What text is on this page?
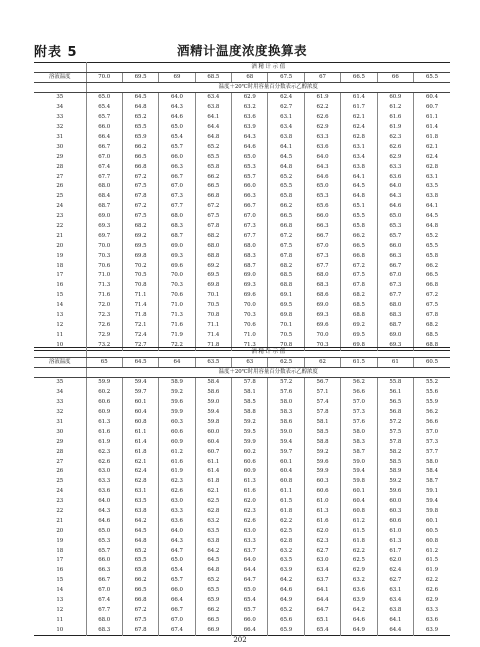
附表 5	酒精计温度浓度换算表
	酒 精 计 示 值									
溶液温度	70.0	69.5	69	68.5	68	67.5	67	66.5	66	65.5
	温度＋20℃时用容量百分数表示乙醇浓度									
35	65.0	64.5	64.0	63.4	62.9	62.4	61.9	61.4	60.9	60.4
34	65.4	64.8	64.3	63.8	63.2	62.7	62.2	61.7	61.2	60.7
33	65.7	65.2	64.6	64.1	63.6	63.1	62.6	62.1	61.6	61.1
32	66.0	65.5	65.0	64.4	63.9	63.4	62.9	62.4	61.9	61.4
31	66.4	65.9	65.4	64.8	64.3	63.8	63.3	62.8	62.3	61.8
30	66.7	66.2	65.7	65.2	64.6	64.1	63.6	63.1	62.6	62.1
29	67.0	66.5	66.0	65.5	65.0	64.5	64.0	63.4	62.9	62.4
28	67.4	66.8	66.3	65.8	65.3	64.8	64.3	63.8	63.3	62.8
27	67.7	67.2	66.7	66.2	65.7	65.2	64.6	64.1	63.6	63.1
26	68.0	67.5	67.0	66.5	66.0	65.5	65.0	64.5	64.0	63.5
25	68.4	67.8	67.3	66.8	66.3	65.8	65.3	64.8	64.3	63.8
24	68.7	67.2	67.7	67.2	66.7	66.2	65.6	65.1	64.6	64.1
23	69.0	67.5	68.0	67.5	67.0	66.5	66.0	65.5	65.0	64.5
22	69.3	68.2	68.3	67.8	67.3	66.8	66.3	65.8	65.3	64.8
21	69.7	69.2	68.7	68.2	67.7	67.2	66.7	66.2	65.7	65.2
20	70.0	69.5	69.0	68.0	68.0	67.5	67.0	66.5	66.0	65.5
19	70.3	69.8	69.3	68.8	68.3	67.8	67.3	66.8	66.3	65.8
18	70.6	70.2	69.6	69.2	68.7	68.2	67.7	67.2	66.7	66.2
17	71.0	70.5	70.0	69.5	69.0	68.5	68.0	67.5	67.0	66.5
16	71.3	70.8	70.3	69.8	69.3	68.8	68.3	67.8	67.3	66.8
15	71.6	71.1	70.6	70.1	69.6	69.1	68.6	68.2	67.7	67.2
14	72.0	71.4	71.0	70.5	70.0	69.5	69.0	68.5	68.0	67.5
13	72.3	71.8	71.3	70.8	70.3	69.8	69.3	68.8	68.3	67.8
12	72.6	72.1	71.6	71.1	70.6	70.1	69.6	69.2	68.7	68.2
11	72.9	72.4	71.9	71.4	71.0	70.5	70.0	69.5	69.0	68.5
10	73.2	72.7	72.2	71.8	71.3	70.8	70.3	69.8	69.3	68.8
	酒 精 计 示 值									
溶液温度	65	64.5	64	63.5	63	62.5	62	61.5	61	60.5
	温度＋20℃时用容量百分数表示乙醇浓度									
35	59.9	59.4	58.9	58.4	57.8	57.2	56.7	56.2	55.8	55.2
34	60.2	59.7	59.2	58.6	58.1	57.6	57.1	56.6	56.1	55.6
33	60.6	60.1	59.6	59.0	58.5	58.0	57.4	57.0	56.5	55.9
32	60.9	60.4	59.9	59.4	58.8	58.3	57.8	57.3	56.8	56.2
31	61.3	60.8	60.3	59.8	59.2	58.6	58.1	57.6	57.2	56.6
30	61.6	61.1	60.6	60.0	59.5	59.0	58.5	58.0	57.5	57.0
29	61.9	61.4	60.9	60.4	59.9	59.4	58.8	58.3	57.8	57.3
28	62.3	61.8	61.2	60.7	60.2	59.7	59.2	58.7	58.2	57.7
27	62.6	62.1	61.6	61.1	60.6	60.1	59.6	59.0	58.5	58.0
26	63.0	62.4	61.9	61.4	60.9	60.4	59.9	59.4	58.9	58.4
25	63.3	62.8	62.3	61.8	61.3	60.8	60.3	59.8	59.2	58.7
24	63.6	63.1	62.6	62.1	61.6	61.1	60.6	60.1	59.6	59.1
23	64.0	63.5	63.0	62.5	62.0	61.5	61.0	60.4	60.0	59.4
22	64.3	63.8	63.3	62.8	62.3	61.8	61.3	60.8	60.3	59.8
21	64.6	64.2	63.6	63.2	62.6	62.2	61.6	61.2	60.6	60.1
20	65.0	64.5	64.0	63.5	63.0	62.5	62.0	61.5	61.0	60.5
19	65.3	64.8	64.3	63.8	63.3	62.8	62.3	61.8	61.3	60.8
18	65.7	65.2	64.7	64.2	63.7	63.2	62.7	62.2	61.7	61.2
17	66.0	65.5	65.0	64.5	64.0	63.5	63.0	62.5	62.0	61.5
16	66.3	65.8	65.4	64.8	64.4	63.9	63.4	62.9	62.4	61.9
15	66.7	66.2	65.7	65.2	64.7	64.2	63.7	63.2	62.7	62.2
14	67.0	66.5	66.0	65.5	65.0	64.6	64.1	63.6	63.1	62.6
13	67.4	66.8	66.4	65.9	65.4	64.9	64.4	63.9	63.4	62.9
12	67.7	67.2	66.7	66.2	65.7	65.2	64.7	64.2	63.8	63.3
11	68.0	67.5	67.0	66.5	66.0	65.6	65.1	64.6	64.1	63.6
10	68.3	67.8	67.4	66.9	66.4	65.9	65.4	64.9	64.4	63.9
202
